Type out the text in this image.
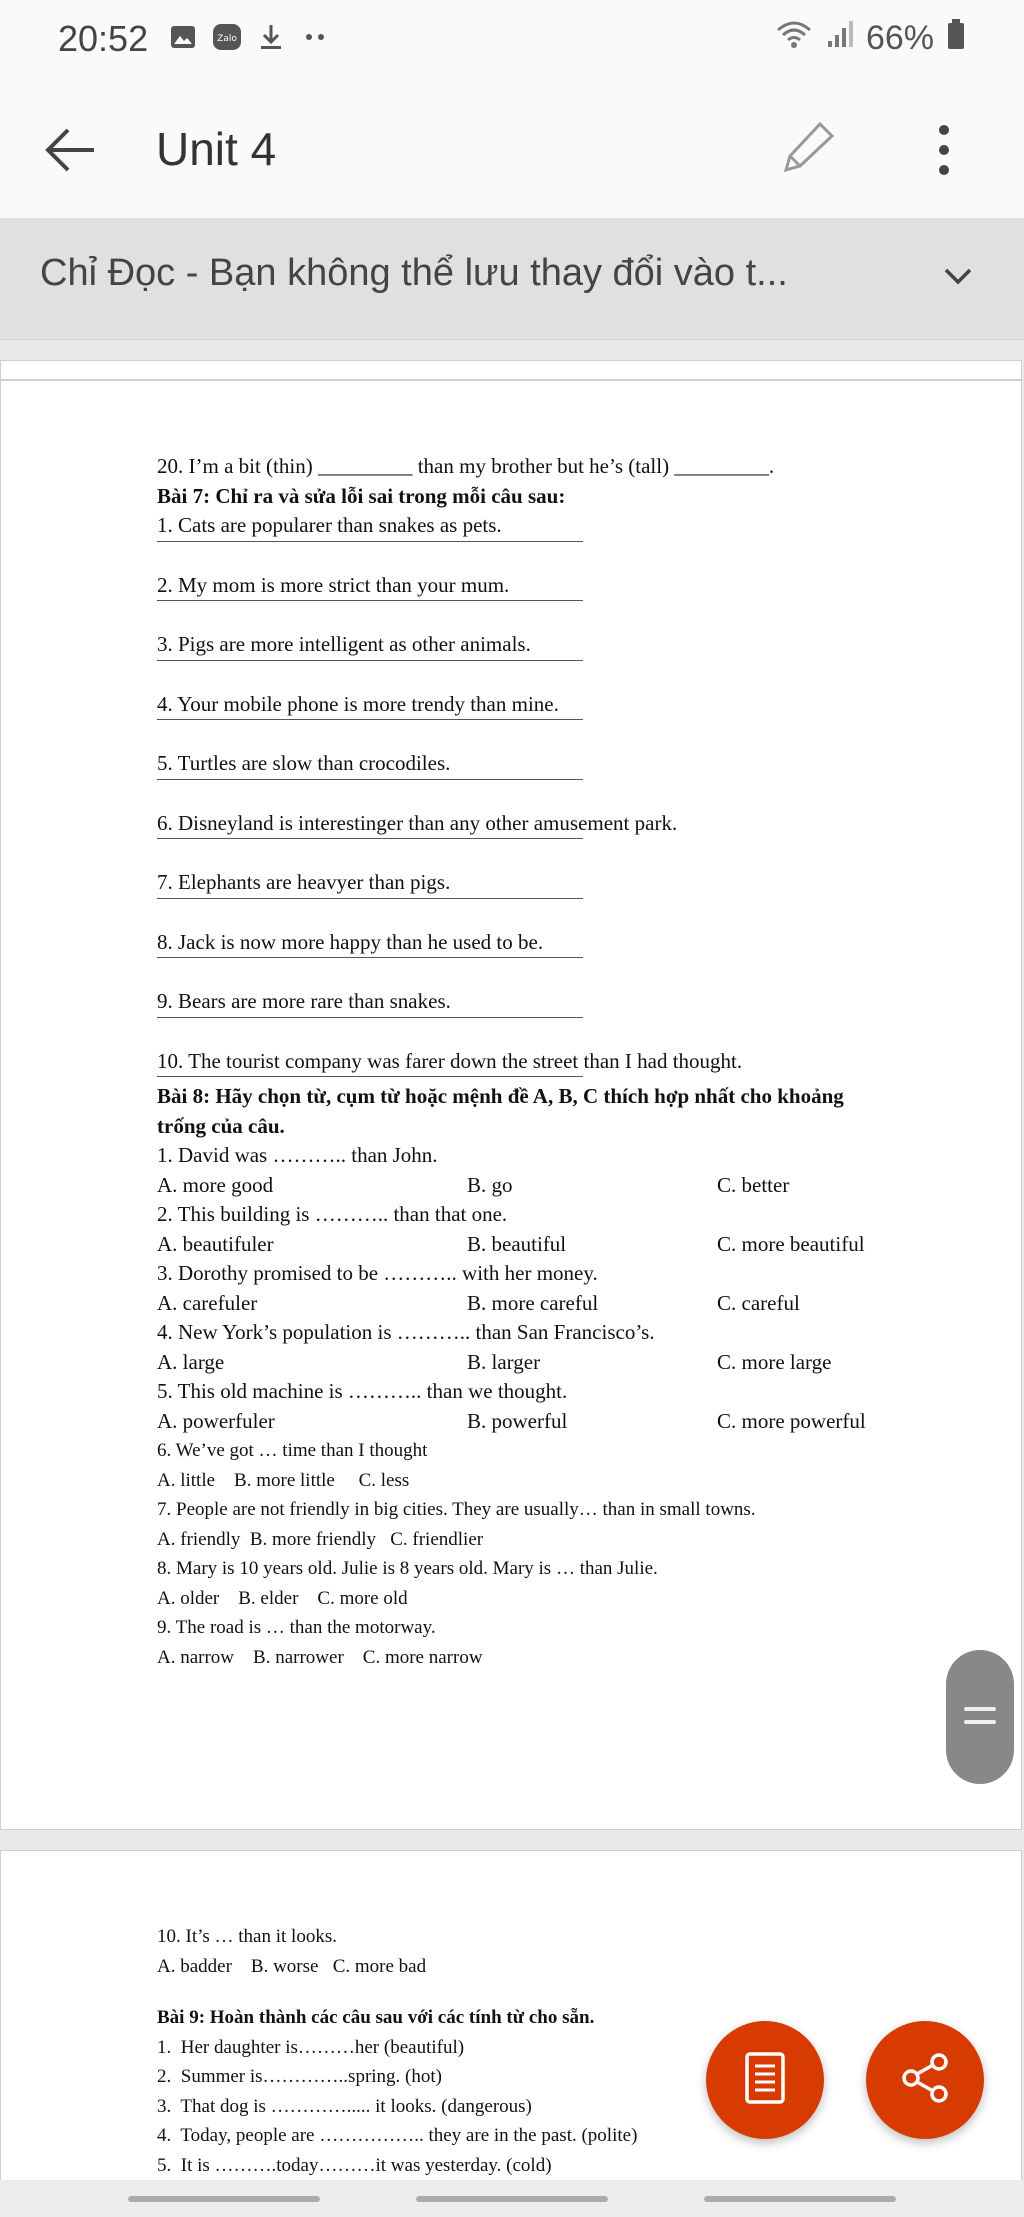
20:52	Zalo	66%
Unit 4
Chỉ Đọc - Bạn không thể lưu thay đổi vào t...
20. I’m a bit (thin) _________ than my brother but he’s (tall) _________.
Bài 7: Chỉ ra và sửa lỗi sai trong mỗi câu sau:
1. Cats are popularer than snakes as pets.
2. My mom is more strict than your mum.
3. Pigs are more intelligent as other animals.
4. Your mobile phone is more trendy than mine.
5. Turtles are slow than crocodiles.
6. Disneyland is interestinger than any other amusement park.
7. Elephants are heavyer than pigs.
8. Jack is now more happy than he used to be.
9. Bears are more rare than snakes.
10. The tourist company was farer down the street than I had thought.
Bài 8: Hãy chọn từ, cụm từ hoặc mệnh đề A, B, C thích hợp nhất cho khoảng trống của câu.
1. David was ……….. than John.
A. more good	B. go	C. better
2. This building is ……….. than that one.
A. beautifuler	B. beautiful	C. more beautiful
3. Dorothy promised to be ……….. with her money.
A. carefuler	B. more careful	C. careful
4. New York’s population is ……….. than San Francisco’s.
A. large	B. larger	C. more large
5. This old machine is ……….. than we thought.
A. powerfuler	B. powerful	C. more powerful
6. We’ve got … time than I thought
A. little    B. more little     C. less
7. People are not friendly in big cities. They are usually… than in small towns.
A. friendly  B. more friendly   C. friendlier
8. Mary is 10 years old. Julie is 8 years old. Mary is … than Julie.
A. older    B. elder    C. more old
9. The road is … than the motorway.
A. narrow    B. narrower    C. more narrow
10. It’s … than it looks.
A. badder    B. worse   C. more bad
Bài 9: Hoàn thành các câu sau với các tính từ cho sẵn.
1.  Her daughter is………her (beautiful)
2.  Summer is…………..spring. (hot)
3.  That dog is …………..... it looks. (dangerous)
4.  Today, people are …………….. they are in the past. (polite)
5.  It is ……….today………it was yesterday. (cold)
